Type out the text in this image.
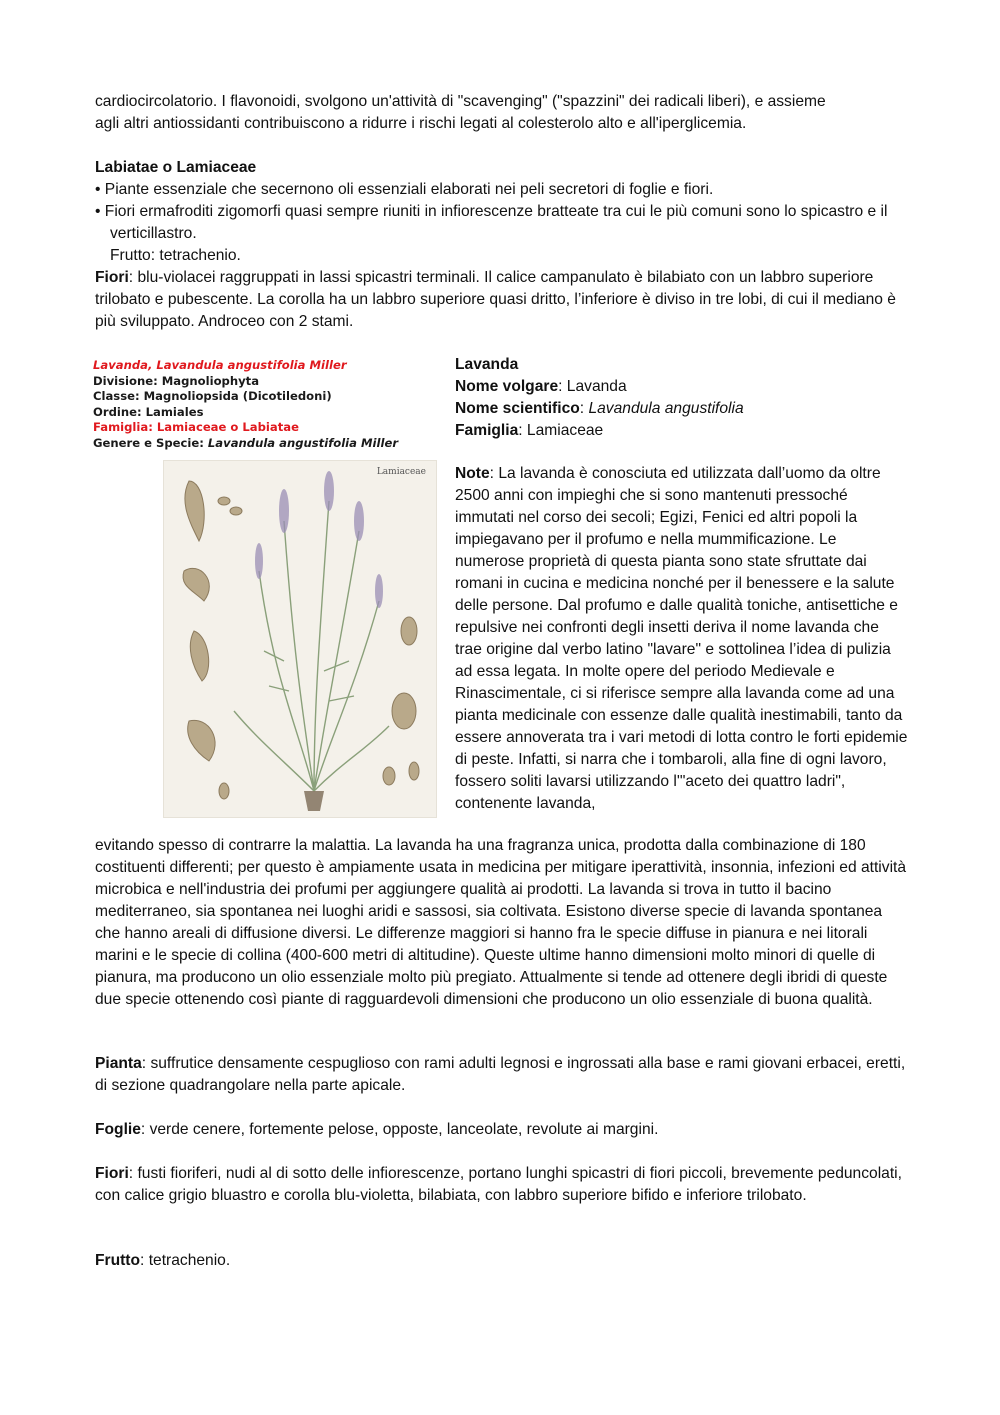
cardiocircolatorio. I flavonoidi, svolgono un'attività di "scavenging" ("spazzini" dei radicali liberi), e assieme

agli altri antiossidanti contribuiscono a ridurre i rischi legati al colesterolo alto e all'iperglicemia.

Labiatae o Lamiaceae

• Piante essenziale che secernono oli essenziali elaborati nei peli secretori di foglie e fiori.

• Fiori ermafroditi zigomorfi quasi sempre riuniti in infiorescenze bratteate tra cui le più comuni sono lo spicastro e il verticillastro.

Frutto: tetrachenio.

Fiori: blu-violacei raggruppati in lassi spicastri terminali. Il calice campanulato è bilabiato con un labbro superiore trilobato e pubescente. La corolla ha un labbro superiore quasi dritto, l’inferiore è diviso in tre lobi, di cui il mediano è più sviluppato. Androceo con 2 stami.

Lavanda, Lavandula angustifolia Miller
Divisione: Magnoliophyta
Classe: Magnoliopsida (Dicotiledoni)
Ordine: Lamiales
Famiglia: Lamiaceae o Labiatae
Genere e Specie: Lavandula angustifolia Miller
Lamiaceae

Lavanda

Nome volgare: Lavanda

Nome scientifico: Lavandula angustifolia

Famiglia: Lamiaceae

Note: La lavanda è conosciuta ed utilizzata dall’uomo da oltre 2500 anni con impieghi che si sono mantenuti pressoché immutati nel corso dei secoli; Egizi, Fenici ed altri popoli la impiegavano per il profumo e nella mummificazione. Le numerose proprietà di questa pianta sono state sfruttate dai romani in cucina e medicina nonché per il benessere e la salute delle persone. Dal profumo e dalle qualità toniche, antisettiche e repulsive nei confronti degli insetti deriva il nome lavanda che trae origine dal verbo latino "lavare" e sottolinea l’idea di pulizia ad essa legata. In molte opere del periodo Medievale e Rinascimentale, ci si riferisce sempre alla lavanda come ad una pianta medicinale con essenze dalle qualità inestimabili, tanto da essere annoverata tra i vari metodi di lotta contro le forti epidemie di peste. Infatti, si narra che i tombaroli, alla fine di ogni lavoro, fossero soliti lavarsi utilizzando l'"aceto dei quattro ladri", contenente lavanda,

evitando spesso di contrarre la malattia. La lavanda ha una fragranza unica, prodotta dalla combinazione di 180 costituenti differenti; per questo è ampiamente usata in medicina per mitigare iperattività, insonnia, infezioni ed attività microbica e nell'industria dei profumi per aggiungere qualità ai prodotti. La lavanda si trova in tutto il bacino mediterraneo, sia spontanea nei luoghi aridi e sassosi, sia coltivata. Esistono diverse specie di lavanda spontanea che hanno areali di diffusione diversi. Le differenze maggiori si hanno fra le specie diffuse in pianura e nei litorali marini e le specie di collina (400-600 metri di altitudine). Queste ultime hanno dimensioni molto minori di quelle di pianura, ma producono un olio essenziale molto più pregiato. Attualmente si tende ad ottenere degli ibridi di queste due specie ottenendo così piante di ragguardevoli dimensioni che producono un olio essenziale di buona qualità.

Pianta: suffrutice densamente cespuglioso con rami adulti legnosi e ingrossati alla base e rami giovani erbacei, eretti, di sezione quadrangolare nella parte apicale.

Foglie: verde cenere, fortemente pelose, opposte, lanceolate, revolute ai margini.

Fiori: fusti fioriferi, nudi al di sotto delle infiorescenze, portano lunghi spicastri di fiori piccoli, brevemente peduncolati, con calice grigio bluastro e corolla blu-violetta, bilabiata, con labbro superiore bifido e inferiore trilobato.

Frutto: tetrachenio.
